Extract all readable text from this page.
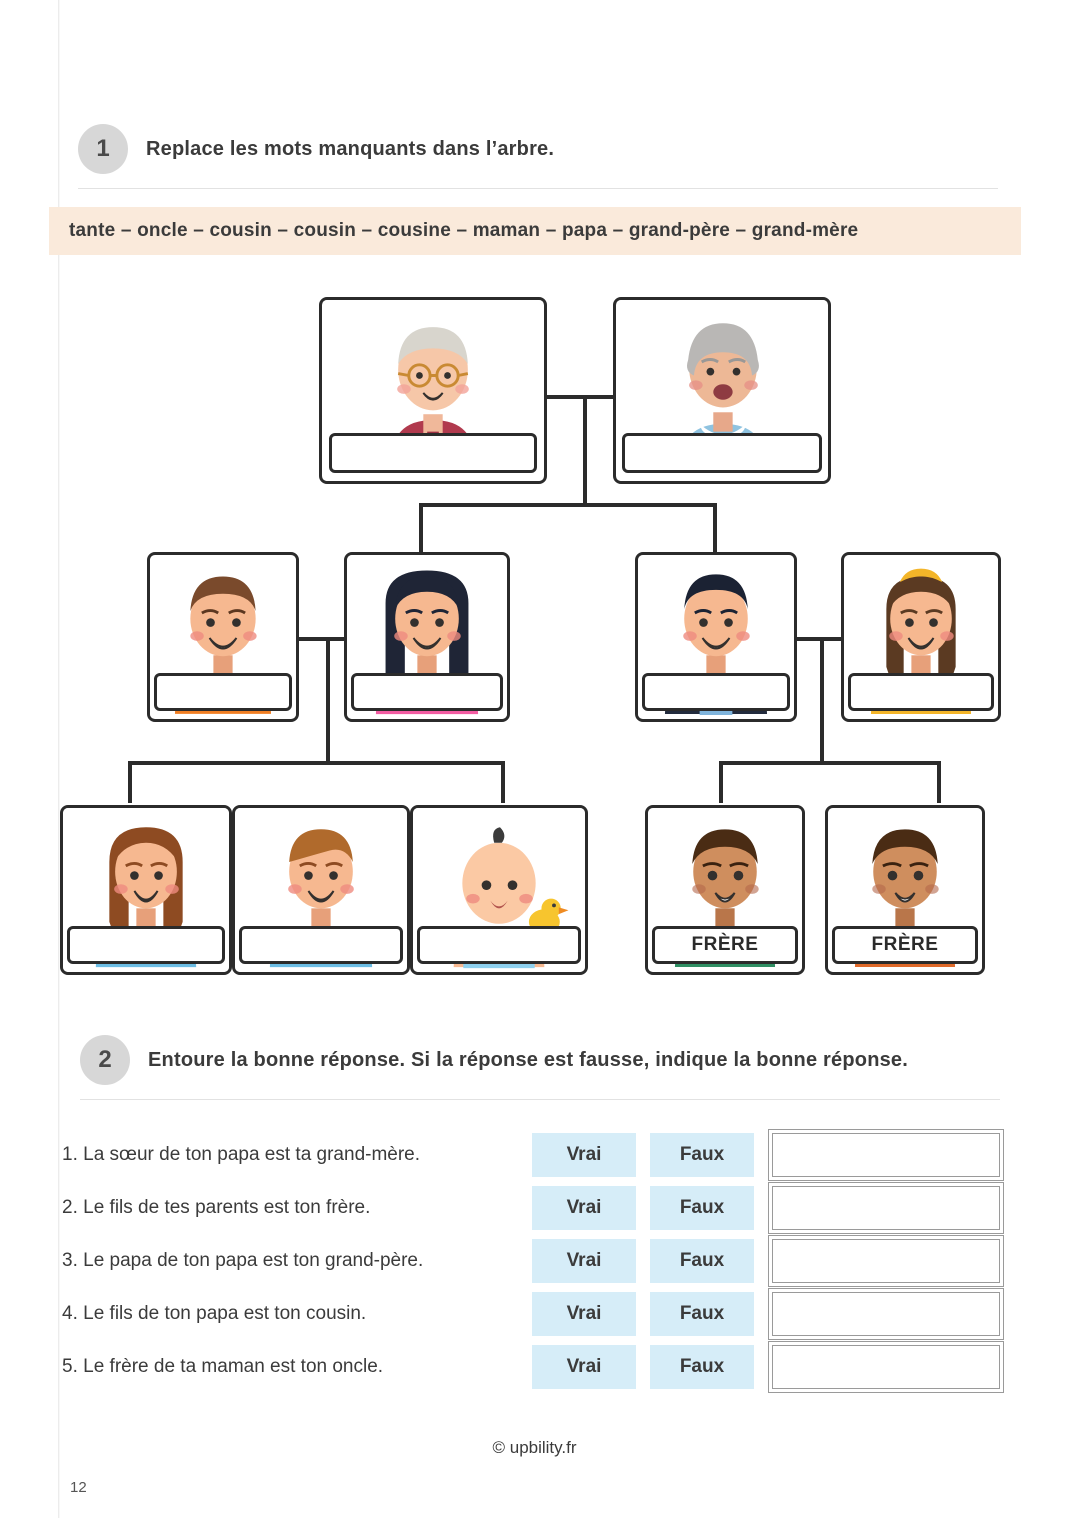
1	Replace les mots manquants dans l’arbre.
tante – oncle – cousin – cousin – cousine – maman – papa – grand-père – grand-mère
FRÈRE	FRÈRE
2	Entoure la bonne réponse. Si la réponse est fausse, indique la bonne réponse.
1. La sœur de ton papa est ta grand-mère.	Vrai	Faux
2. Le fils de tes parents est ton frère.	Vrai	Faux
3. Le papa de ton papa est ton grand-père.	Vrai	Faux
4. Le fils de ton papa est ton cousin.	Vrai	Faux
5. Le frère de ta maman est ton oncle.	Vrai	Faux
© upbility.fr
12
